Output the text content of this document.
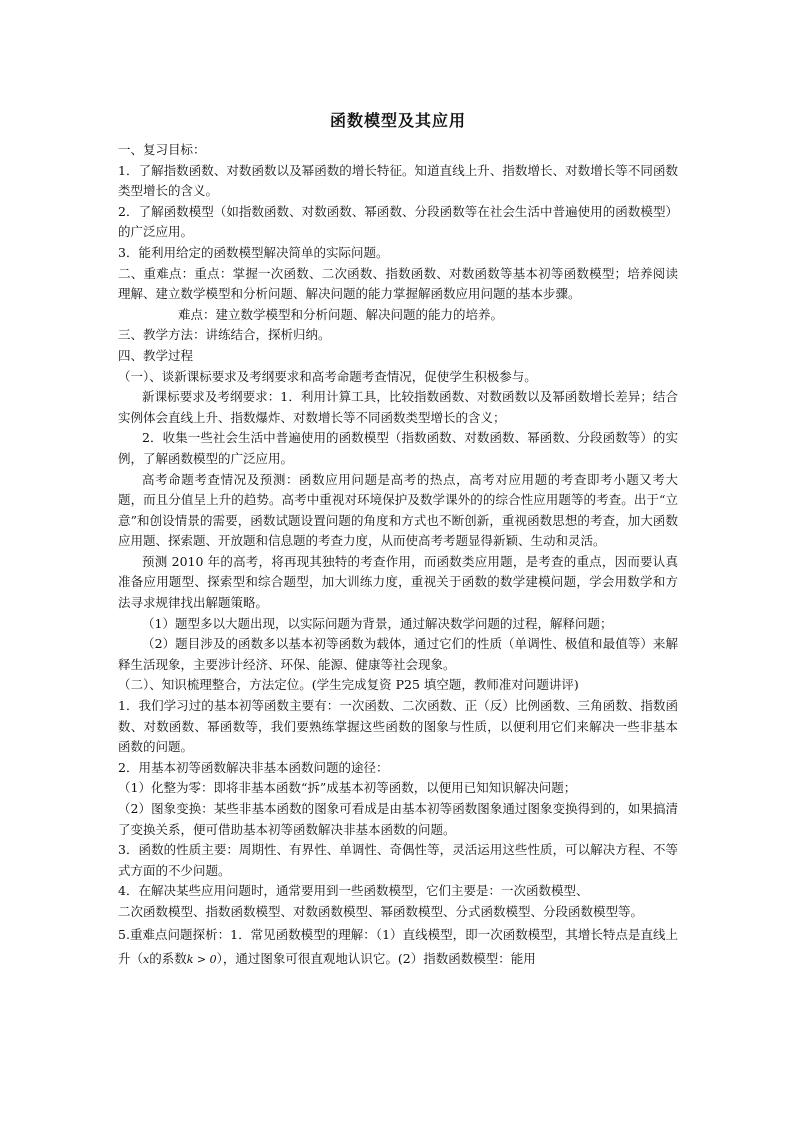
函数模型及其应用

一、复习目标：

1．了解指数函数、对数函数以及幂函数的增长特征。知道直线上升、指数增长、对数增长等不同函数类型增长的含义。

2．了解函数模型（如指数函数、对数函数、幂函数、分段函数等在社会生活中普遍使用的函数模型）的广泛应用。

3．能利用给定的函数模型解决简单的实际问题。

二、重难点：重点：掌握一次函数、二次函数、指数函数、对数函数等基本初等函数模型；培养阅读理解、建立数学模型和分析问题、解决问题的能力掌握解函数应用问题的基本步骤。

难点：建立数学模型和分析问题、解决问题的能力的培养。

三、教学方法：讲练结合，探析归纳。

四、教学过程

（一）、谈新课标要求及考纲要求和高考命题考查情况，促使学生积极参与。

新课标要求及考纲要求：1．利用计算工具，比较指数函数、对数函数以及幂函数增长差异；结合实例体会直线上升、指数爆炸、对数增长等不同函数类型增长的含义；

2．收集一些社会生活中普遍使用的函数模型（指数函数、对数函数、幂函数、分段函数等）的实例，了解函数模型的广泛应用。

高考命题考查情况及预测：函数应用问题是高考的热点，高考对应用题的考查即考小题又考大题，而且分值呈上升的趋势。高考中重视对环境保护及数学课外的的综合性应用题等的考查。出于“立意”和创设情景的需要，函数试题设置问题的角度和方式也不断创新，重视函数思想的考查，加大函数应用题、探索题、开放题和信息题的考查力度，从而使高考考题显得新颖、生动和灵活。

预测 2010 年的高考，将再现其独特的考查作用，而函数类应用题，是考查的重点，因而要认真准备应用题型、探索型和综合题型，加大训练力度，重视关于函数的数学建模问题，学会用数学和方法寻求规律找出解题策略。

（1）题型多以大题出现，以实际问题为背景，通过解决数学问题的过程，解释问题；

（2）题目涉及的函数多以基本初等函数为载体，通过它们的性质（单调性、极值和最值等）来解释生活现象，主要涉计经济、环保、能源、健康等社会现象。

（二）、知识梳理整合，方法定位。(学生完成复资 P25 填空题，教师准对问题讲评)

1．我们学习过的基本初等函数主要有：一次函数、二次函数、正（反）比例函数、三角函数、指数函数、对数函数、幂函数等，我们要熟练掌握这些函数的图象与性质，以便利用它们来解决一些非基本函数的问题。

2．用基本初等函数解决非基本函数问题的途径：

（1）化整为零：即将非基本函数“拆”成基本初等函数，以便用已知知识解决问题；

（2）图象变换：某些非基本函数的图象可看成是由基本初等函数图象通过图象变换得到的，如果搞清了变换关系，便可借助基本初等函数解决非基本函数的问题。

3．函数的性质主要：周期性、有界性、单调性、奇偶性等，灵活运用这些性质，可以解决方程、不等式方面的不少问题。

4．在解决某些应用问题时，通常要用到一些函数模型，它们主要是：一次函数模型、

二次函数模型、指数函数模型、对数函数模型、幂函数模型、分式函数模型、分段函数模型等。

5.重难点问题探析：1．常见函数模型的理解：（1）直线模型，即一次函数模型，其增长特点是直线上升（x的系数k > 0），通过图象可很直观地认识它。(2）指数函数模型：能用
